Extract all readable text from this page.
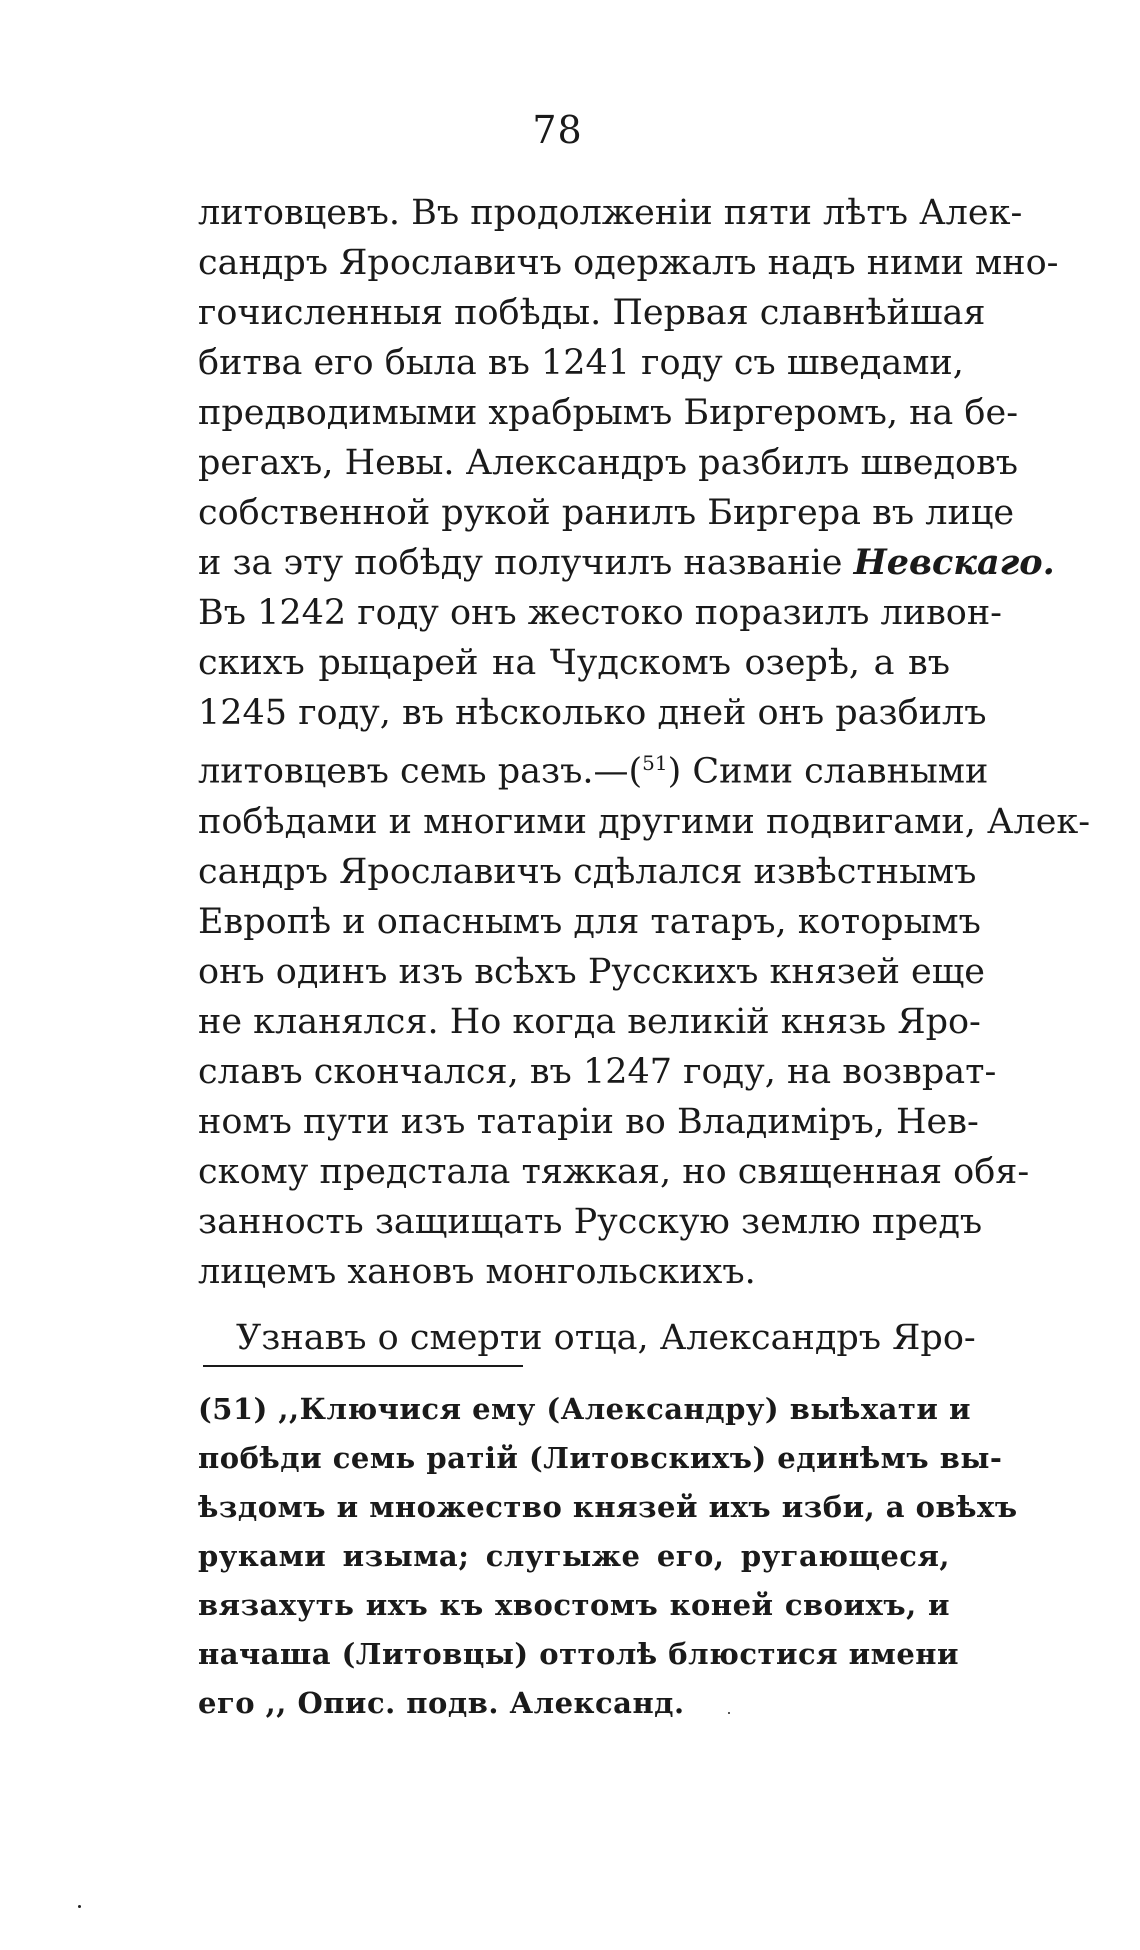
78
литовцевъ. Въ продолженіи пяти лѣтъ Алек-
сандръ Ярославичъ одержалъ надъ ними мно-
гочисленныя побѣды. Первая славнѣйшая
битва его была въ 1241 году съ шведами,
предводимыми храбрымъ Биргеромъ, на бе-
регахъ, Невы. Александръ разбилъ шведовъ
собственной рукой ранилъ Биргера въ лице
и за эту побѣду получилъ названіе Невскаго.
Въ 1242 году онъ жестоко поразилъ ливон-
скихъ рыцарей на Чудскомъ озерѣ, а въ
1245 году, въ нѣсколько дней онъ разбилъ
литовцевъ семь разъ.—($^{51}$) Сими славными
побѣдами и многими другими подвигами, Алек-
сандръ Ярославичъ сдѣлался извѣстнымъ
Европѣ и опаснымъ для татаръ, которымъ
онъ одинъ изъ всѣхъ Русскихъ князей еще
не кланялся. Но когда великій князь Яро-
славъ скончался, въ 1247 году, на возврат-
номъ пути изъ татаріи во Владиміръ, Нев-
скому предстала тяжкая, но священная обя-
занность защищать Русскую землю предъ
лицемъ хановъ монгольскихъ.
Узнавъ о смерти отца, Александръ Яро-
(51) ,,Ключися ему (Александру) выѣхати и
побѣди семь ратій (Литовскихъ) единѣмъ вы-
ѣздомъ и множество князей ихъ изби, а овѣхъ
руками изыма; слугыже его, ругающеся,
вязахуть ихъ къ хвостомъ коней своихъ, и
начаша (Литовцы) оттолѣ блюстися имени
его ,, Опис. подв. Александ.
